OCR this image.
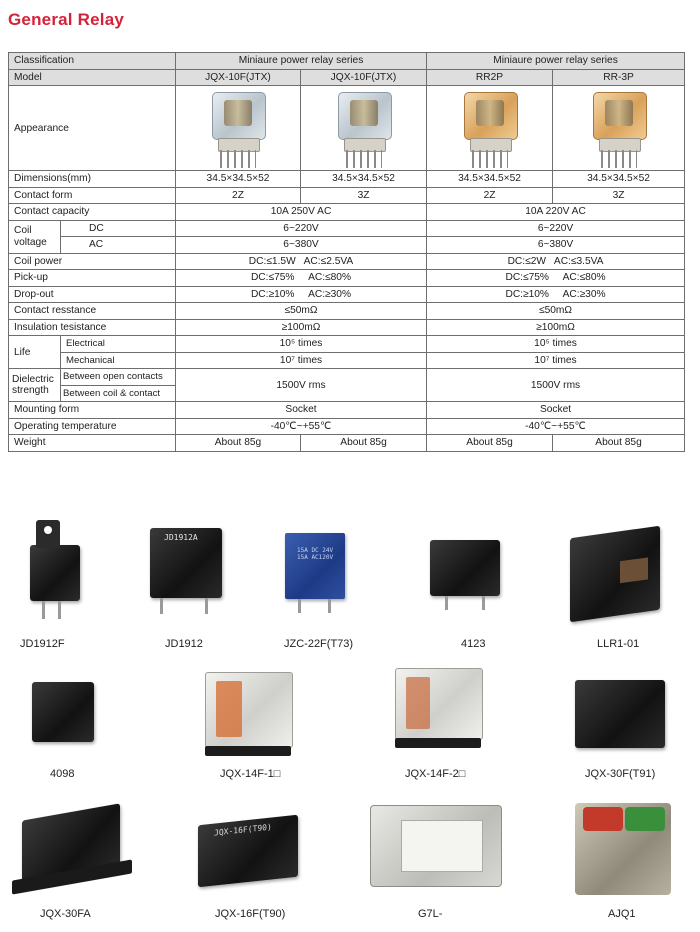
General Relay
Classification		Miniaure power relay series		Miniaure power relay series	
Model		JQX-10F(JTX)	JQX-10F(JTX)	RR2P	RR-3P
Appearance		

Dimensions(mm)		34.5×34.5×52	34.5×34.5×52	34.5×34.5×52	34.5×34.5×52
Contact form		2Z	3Z	2Z	3Z
Contact capacity		10A 250V AC		10A 220V AC	
Coil voltage	DC	6~220V		6~220V	
	AC	6~380V		6~380V	
Coil power		DC:≤1.5W   AC:≤2.5VA		DC:≤2W   AC:≤3.5VA	
Pick-up		DC:≤75%     AC:≤80%		DC:≤75%     AC:≤80%	
Drop-out		DC:≥10%     AC:≥30%		DC:≥10%     AC:≥30%	
Contact resstance		≤50mΩ		≤50mΩ	
Insulation tesistance		≥100mΩ		≥100mΩ	
Life	Electrical	10⁵ times		10⁵ times	
	Mechanical	10⁷ times		10⁷ times	

Dielectric
strength	Between open contacts	1500V rms		1500V rms	
	Between coil & contact				
Mounting form		Socket		Socket	
Operating temperature		-40℃~+55℃		-40℃~+55℃	
Weight		About 85g	About 85g	About 85g	About 85g
JD1912F
JD1912A
JD1912
15A DC 24V
15A AC120V
JZC-22F(T73)	4123	LLR1-01
4098	JQX-14F-1□	JQX-14F-2□	JQX-30F(T91)
JQX-30FA
JQX-16F(T90)
JQX-16F(T90)	G7L-	AJQ1
